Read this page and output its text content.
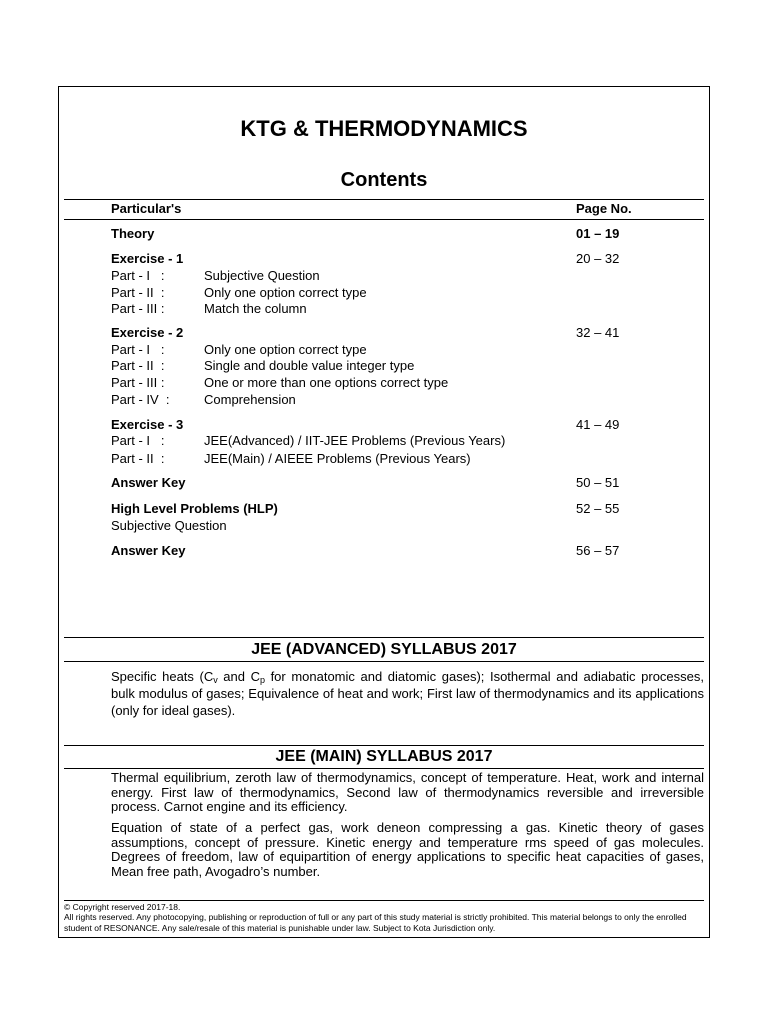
KTG & THERMODYNAMICS
Contents
Particular's	Page No.
Theory	01 – 19
Exercise - 1	20 – 32
Part - I   :	Subjective Question
Part - II  :	Only one option correct type
Part - III :	Match the column
Exercise - 2	32 – 41
Part - I   :	Only one option correct type
Part - II  :	Single and double value integer type
Part - III :	One or more than one options correct type
Part - IV  :	Comprehension
Exercise - 3	41 – 49
Part - I   :	JEE(Advanced) / IIT-JEE Problems (Previous Years)
Part - II  :	JEE(Main) / AIEEE Problems (Previous Years)
Answer Key	50 – 51
High Level Problems (HLP)	52 – 55
Subjective Question
Answer Key	56 – 57
JEE (ADVANCED) SYLLABUS 2017
Specific heats ($C_v$ and $C_p$ for monatomic and diatomic gases); Isothermal and adiabatic processes, bulk modulus of gases; Equivalence of heat and work; First law of thermodynamics and its applications (only for ideal gases).
JEE (MAIN) SYLLABUS 2017
Thermal equilibrium, zeroth law of thermodynamics, concept of temperature. Heat, work and internal energy. First law of thermodynamics, Second law of thermodynamics reversible and irreversible process. Carnot engine and its efficiency.
Equation of state of a perfect gas, work deneon compressing a gas. Kinetic theory of gases assumptions, concept of pressure. Kinetic energy and temperature rms speed of gas molecules. Degrees of freedom, law of equipartition of energy applications to specific heat capacities of gases, Mean free path, Avogadro’s number.
© Copyright reserved 2017-18.
All rights reserved. Any photocopying, publishing or reproduction of full or any part of this study material is strictly prohibited. This material belongs to only the enrolled student of RESONANCE. Any sale/resale of this material is punishable under law. Subject to Kota Jurisdiction only.
